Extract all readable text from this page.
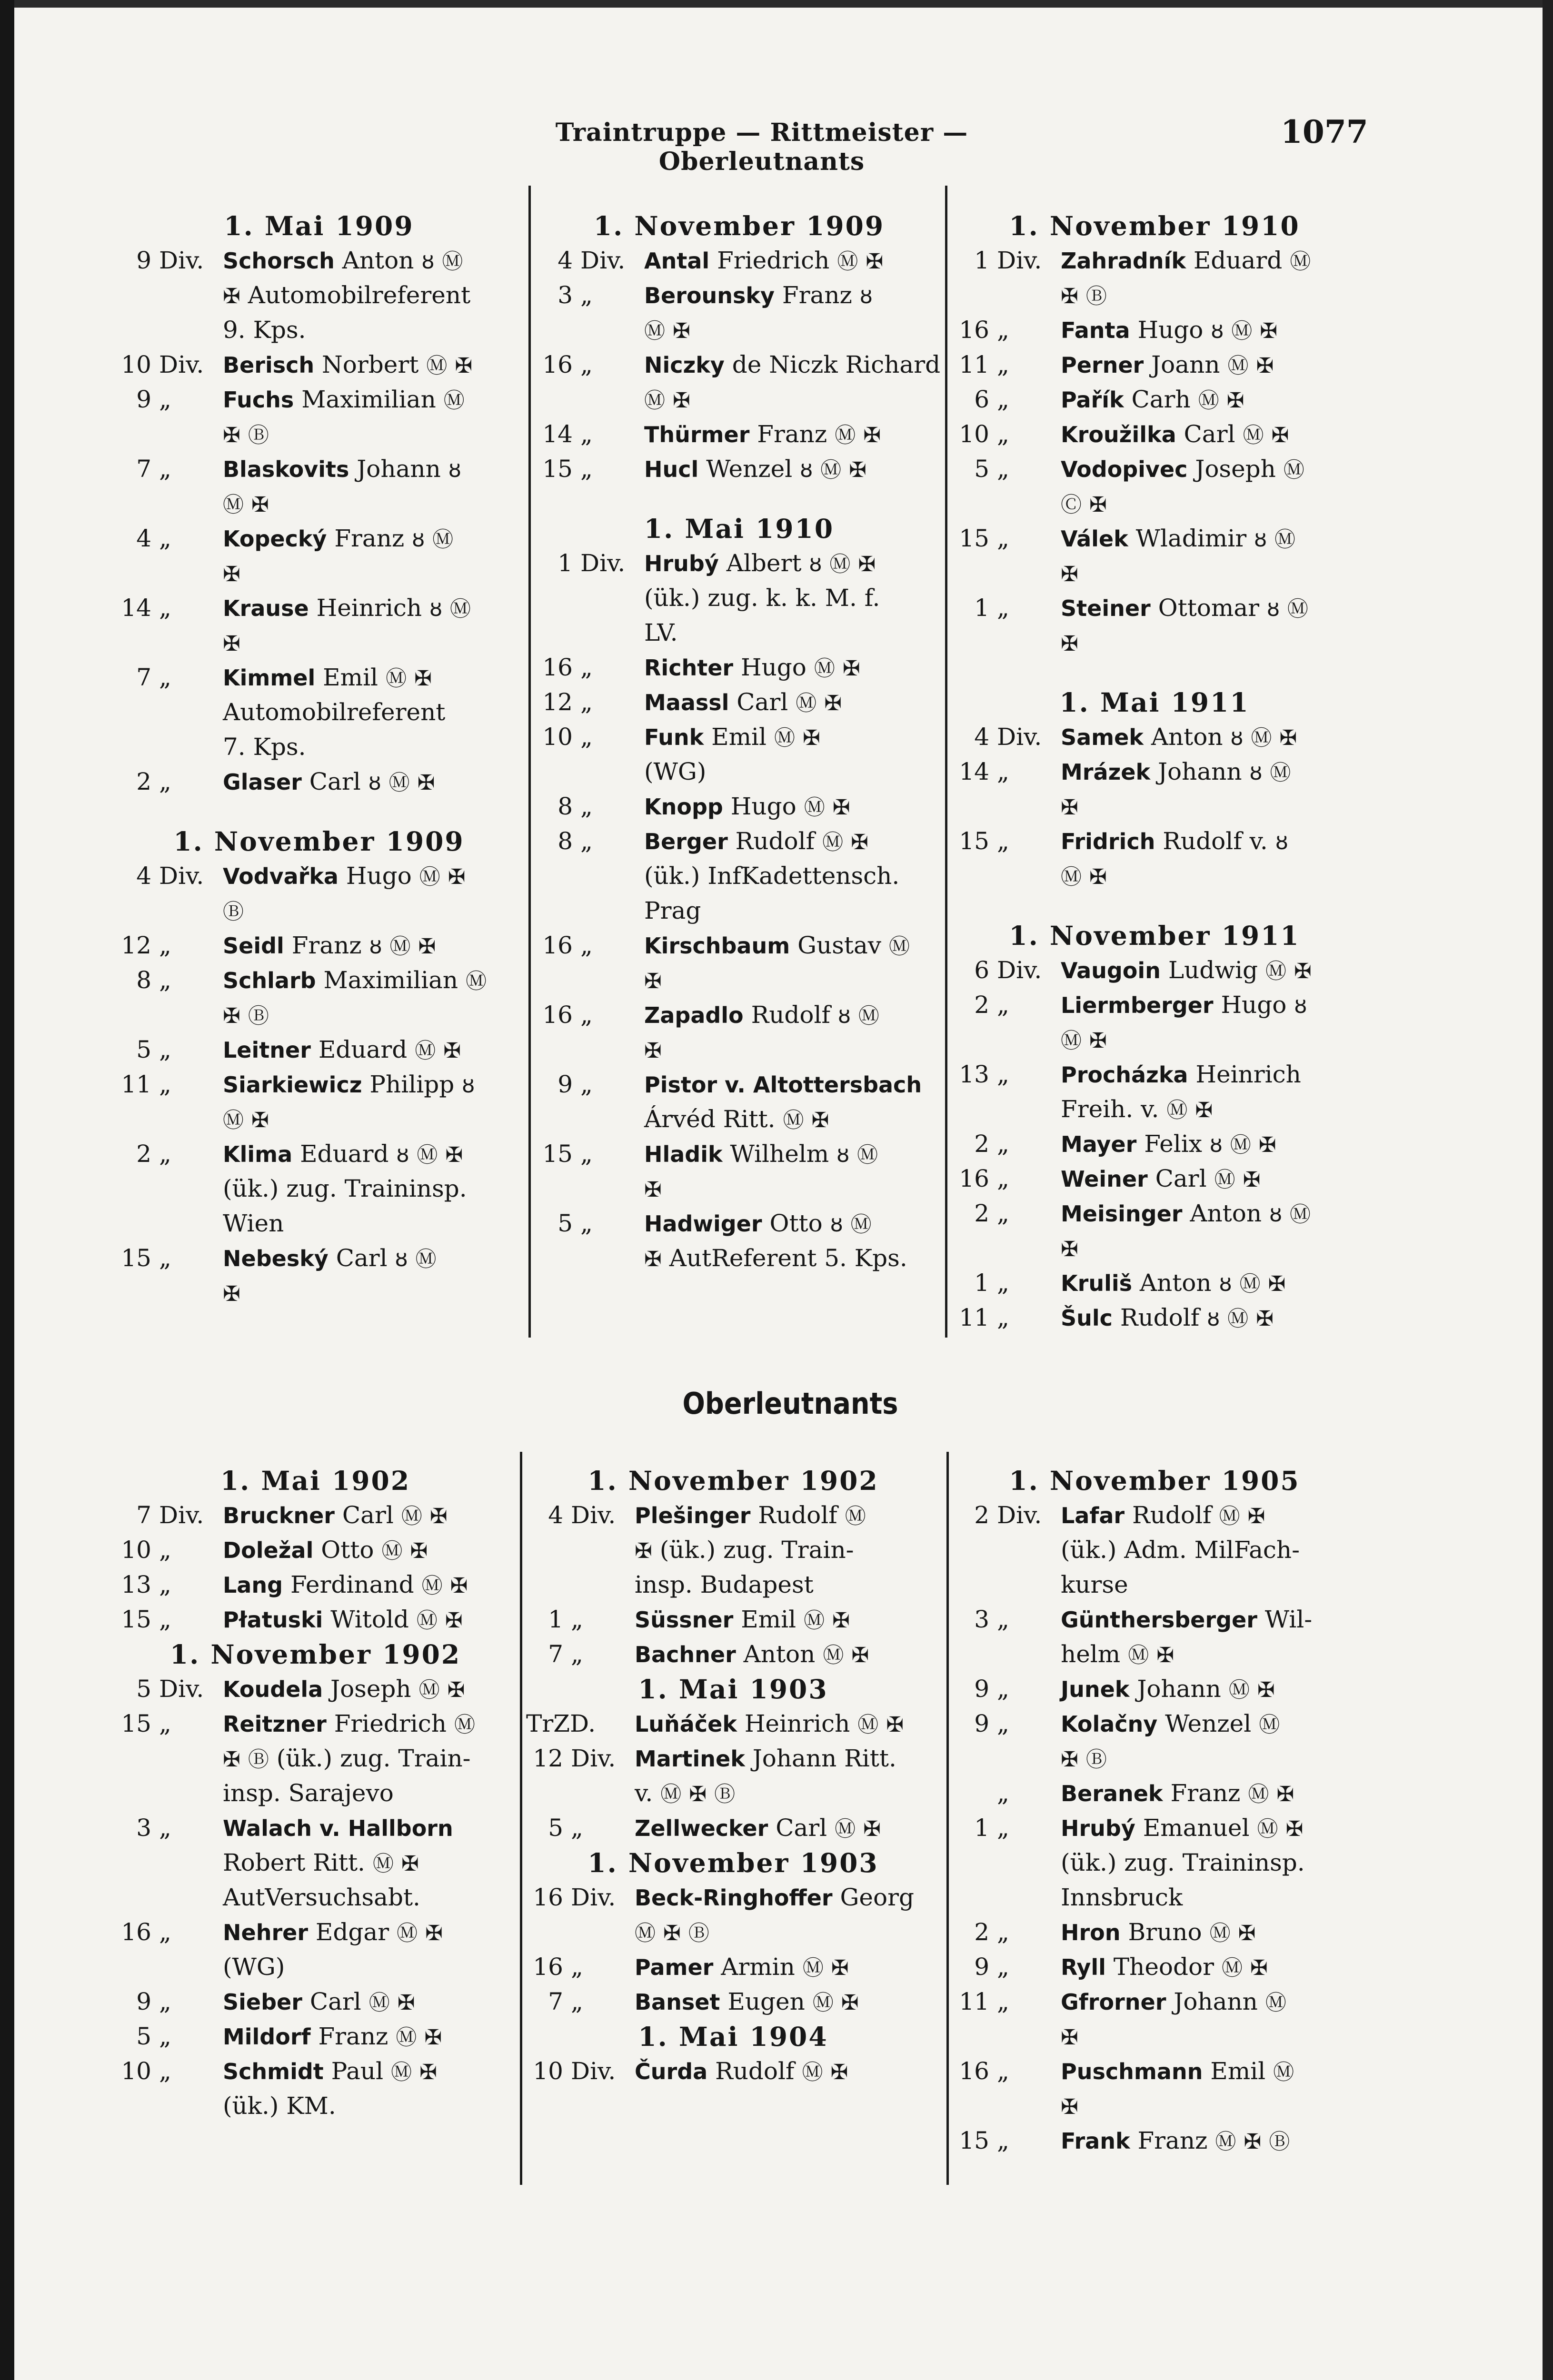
Traintruppe — Rittmeister — Oberleutnants
1077
Oberleutnants
1. Mai 1909
9 Div. Schorsch Anton ȣ Ⓜ
✠ Automobilreferent
9. Kps.
10 Div. Berisch Norbert Ⓜ ✠
9 „ Fuchs Maximilian Ⓜ
✠ Ⓑ
7 „ Blaskovits Johann ȣ
Ⓜ ✠
4 „ Kopecký Franz ȣ Ⓜ
✠
14 „ Krause Heinrich ȣ Ⓜ
✠
7 „ Kimmel Emil Ⓜ ✠
Automobilreferent
7. Kps.
2 „ Glaser Carl ȣ Ⓜ ✠
1. November 1909
4 Div. Vodvařka Hugo Ⓜ ✠
Ⓑ
12 „ Seidl Franz ȣ Ⓜ ✠
8 „ Schlarb Maximilian Ⓜ
✠ Ⓑ
5 „ Leitner Eduard Ⓜ ✠
11 „ Siarkiewicz Philipp ȣ
Ⓜ ✠
2 „ Klima Eduard ȣ Ⓜ ✠
(ük.) zug. Traininsp.
Wien
15 „ Nebeský Carl ȣ Ⓜ
✠
1. November 1909
4 Div. Antal Friedrich Ⓜ ✠
3 „ Berounsky Franz ȣ
Ⓜ ✠
16 „ Niczky de Niczk Richard
Ⓜ ✠
14 „ Thürmer Franz Ⓜ ✠
15 „ Hucl Wenzel ȣ Ⓜ ✠
1. Mai 1910
1 Div. Hrubý Albert ȣ Ⓜ ✠
(ük.) zug. k. k. M. f.
LV.
16 „ Richter Hugo Ⓜ ✠
12 „ Maassl Carl Ⓜ ✠
10 „ Funk Emil Ⓜ ✠
(WG)
8 „ Knopp Hugo Ⓜ ✠
8 „ Berger Rudolf Ⓜ ✠
(ük.) InfKadettensch.
Prag
16 „ Kirschbaum Gustav Ⓜ
✠
16 „ Zapadlo Rudolf ȣ Ⓜ
✠
9 „ Pistor v. Altottersbach
Árvéd Ritt. Ⓜ ✠
15 „ Hladik Wilhelm ȣ Ⓜ
✠
5 „ Hadwiger Otto ȣ Ⓜ
✠ AutReferent 5. Kps.
1. November 1910
1 Div. Zahradník Eduard Ⓜ
✠ Ⓑ
16 „ Fanta Hugo ȣ Ⓜ ✠
11 „ Perner Joann Ⓜ ✠
6 „ Pařík Carh Ⓜ ✠
10 „ Kroužilka Carl Ⓜ ✠
5 „ Vodopivec Joseph Ⓜ
Ⓒ ✠
15 „ Válek Wladimir ȣ Ⓜ
✠
1 „ Steiner Ottomar ȣ Ⓜ
✠
1. Mai 1911
4 Div. Samek Anton ȣ Ⓜ ✠
14 „ Mrázek Johann ȣ Ⓜ
✠
15 „ Fridrich Rudolf v. ȣ
Ⓜ ✠
1. November 1911
6 Div. Vaugoin Ludwig Ⓜ ✠
2 „ Liermberger Hugo ȣ
Ⓜ ✠
13 „ Procházka Heinrich
Freih. v. Ⓜ ✠
2 „ Mayer Felix ȣ Ⓜ ✠
16 „ Weiner Carl Ⓜ ✠
2 „ Meisinger Anton ȣ Ⓜ
✠
1 „ Kruliš Anton ȣ Ⓜ ✠
11 „ Šulc Rudolf ȣ Ⓜ ✠
1. Mai 1902
7 Div. Bruckner Carl Ⓜ ✠
10 „ Doležal Otto Ⓜ ✠
13 „ Lang Ferdinand Ⓜ ✠
15 „ Płatuski Witold Ⓜ ✠
1. November 1902
5 Div. Koudela Joseph Ⓜ ✠
15 „ Reitzner Friedrich Ⓜ
✠ Ⓑ (ük.) zug. Train-
insp. Sarajevo
3 „ Walach v. Hallborn
Robert Ritt. Ⓜ ✠
AutVersuchsabt.
16 „ Nehrer Edgar Ⓜ ✠
(WG)
9 „ Sieber Carl Ⓜ ✠
5 „ Mildorf Franz Ⓜ ✠
10 „ Schmidt Paul Ⓜ ✠
(ük.) KM.
1. November 1902
4 Div. Plešinger Rudolf Ⓜ
✠ (ük.) zug. Train-
insp. Budapest
1 „ Süssner Emil Ⓜ ✠
7 „ Bachner Anton Ⓜ ✠
1. Mai 1903
TrZD. Luňáček Heinrich Ⓜ ✠
12 Div. Martinek Johann Ritt.
v. Ⓜ ✠ Ⓑ
5 „ Zellwecker Carl Ⓜ ✠
1. November 1903
16 Div. Beck-Ringhoffer Georg
Ⓜ ✠ Ⓑ
16 „ Pamer Armin Ⓜ ✠
7 „ Banset Eugen Ⓜ ✠
1. Mai 1904
10 Div. Čurda Rudolf Ⓜ ✠
1. November 1905
2 Div. Lafar Rudolf Ⓜ ✠
(ük.) Adm. MilFach-
kurse
3 „ Günthersberger Wil-
helm Ⓜ ✠
9 „ Junek Johann Ⓜ ✠
9 „ Kolačny Wenzel Ⓜ
✠ Ⓑ
„ Beranek Franz Ⓜ ✠
1 „ Hrubý Emanuel Ⓜ ✠
(ük.) zug. Traininsp.
Innsbruck
2 „ Hron Bruno Ⓜ ✠
9 „ Ryll Theodor Ⓜ ✠
11 „ Gfrorner Johann Ⓜ
✠
16 „ Puschmann Emil Ⓜ
✠
15 „ Frank Franz Ⓜ ✠ Ⓑ
